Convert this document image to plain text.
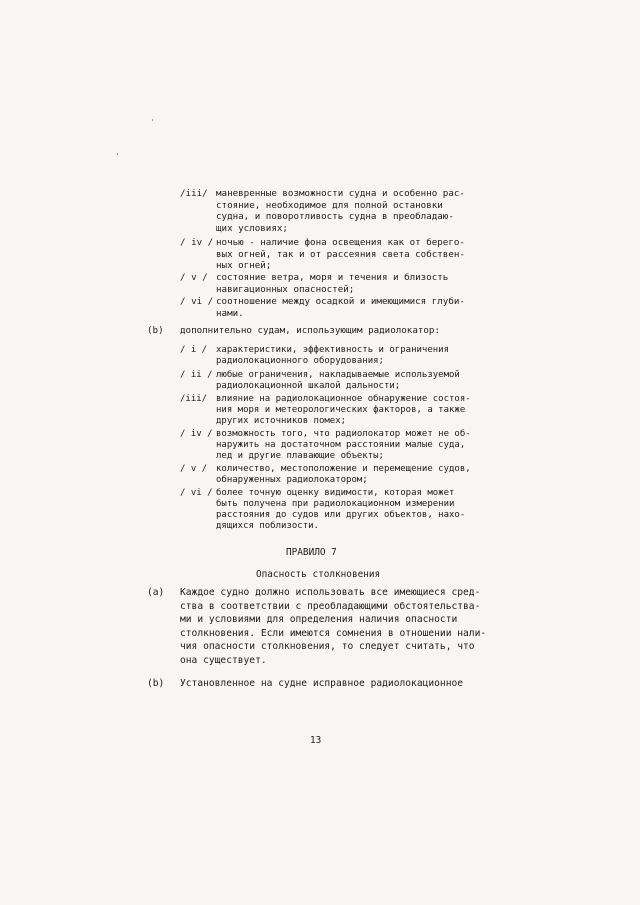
'
'
/iii/ маневренные возможности судна и особенно рас-
стояние, необходимое для полной остановки
судна, и поворотливость судна в преобладаю-
щих условиях;
/ iv / ночью - наличие фона освещения как от берего-
вых огней, так и от рассеяния света собствен-
ных огней;
/ v / состояние ветра, моря и течения и близость
навигационных опасностей;
/ vi / соотношение между осадкой и имеющимися глуби-
нами.
(b) дополнительно судам, использующим радиолокатор:
/ i / характеристики, эффективность и ограничения
радиолокационного оборудования;
/ ii / любые ограничения, накладываемые используемой
радиолокационной шкалой дальности;
/iii/ влияние на радиолокационное обнаружение состоя-
ния моря и метеорологических факторов, а также
других источников помех;
/ iv / возможность того, что радиолокатор может не об-
наружить на достаточном расстоянии малые суда,
лед и другие плавающие объекты;
/ v / количество, местоположение и перемещение судов,
обнаруженных радиолокатором;
/ vi / более точную оценку видимости, которая может
быть получена при радиолокационном измерении
расстояния до судов или других объектов, нахо-
дящихся поблизости.
ПРАВИЛО 7
Опасность столкновения
(a) Каждое судно должно использовать все имеющиеся сред-
ства в соответствии с преобладающими обстоятельства-
ми и условиями для определения наличия опасности
столкновения. Если имеются сомнения в отношении нали-
чия опасности столкновения, то следует считать, что
она существует.
(b) Установленное на судне исправное радиолокационное
13
